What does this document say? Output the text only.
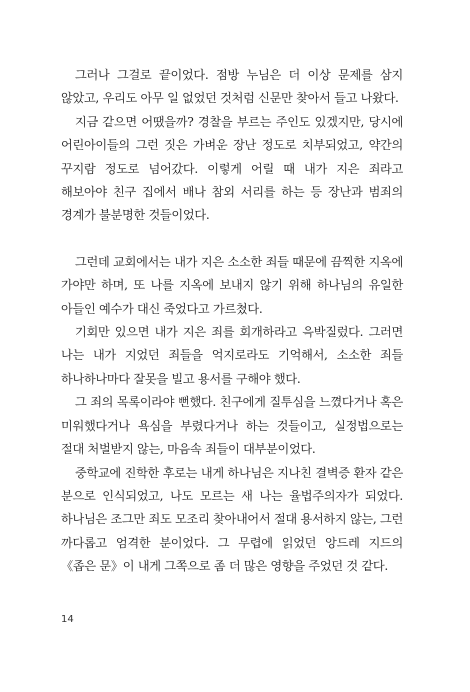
그러나 그걸로 끝이었다. 점방 누님은 더 이상 문제를 삼지 않았고, 우리도 아무 일 없었던 것처럼 신문만 찾아서 들고 나왔다.

지금 같으면 어땠을까? 경찰을 부르는 주인도 있겠지만, 당시에 어린아이들의 그런 짓은 가벼운 장난 정도로 치부되었고, 약간의 꾸지람 정도로 넘어갔다. 이렇게 어릴 때 내가 지은 죄라고 해보아야 친구 집에서 배나 참외 서리를 하는 등 장난과 범죄의 경계가 불분명한 것들이었다.

그런데 교회에서는 내가 지은 소소한 죄들 때문에 끔찍한 지옥에 가야만 하며, 또 나를 지옥에 보내지 않기 위해 하나님의 유일한 아들인 예수가 대신 죽었다고 가르쳤다.

기회만 있으면 내가 지은 죄를 회개하라고 윽박질렀다. 그러면 나는 내가 지었던 죄들을 억지로라도 기억해서, 소소한 죄들 하나하나마다 잘못을 빌고 용서를 구해야 했다.

그 죄의 목록이라야 뻔했다. 친구에게 질투심을 느꼈다거나 혹은 미워했다거나 욕심을 부렸다거나 하는 것들이고, 실정법으로는 절대 처벌받지 않는, 마음속 죄들이 대부분이었다.

중학교에 진학한 후로는 내게 하나님은 지나친 결벽증 환자 같은 분으로 인식되었고, 나도 모르는 새 나는 율법주의자가 되었다. 하나님은 조그만 죄도 모조리 찾아내어서 절대 용서하지 않는, 그런 까다롭고 엄격한 분이었다. 그 무렵에 읽었던 앙드레 지드의 《좁은 문》이 내게 그쪽으로 좀 더 많은 영향을 주었던 것 같다.

14
